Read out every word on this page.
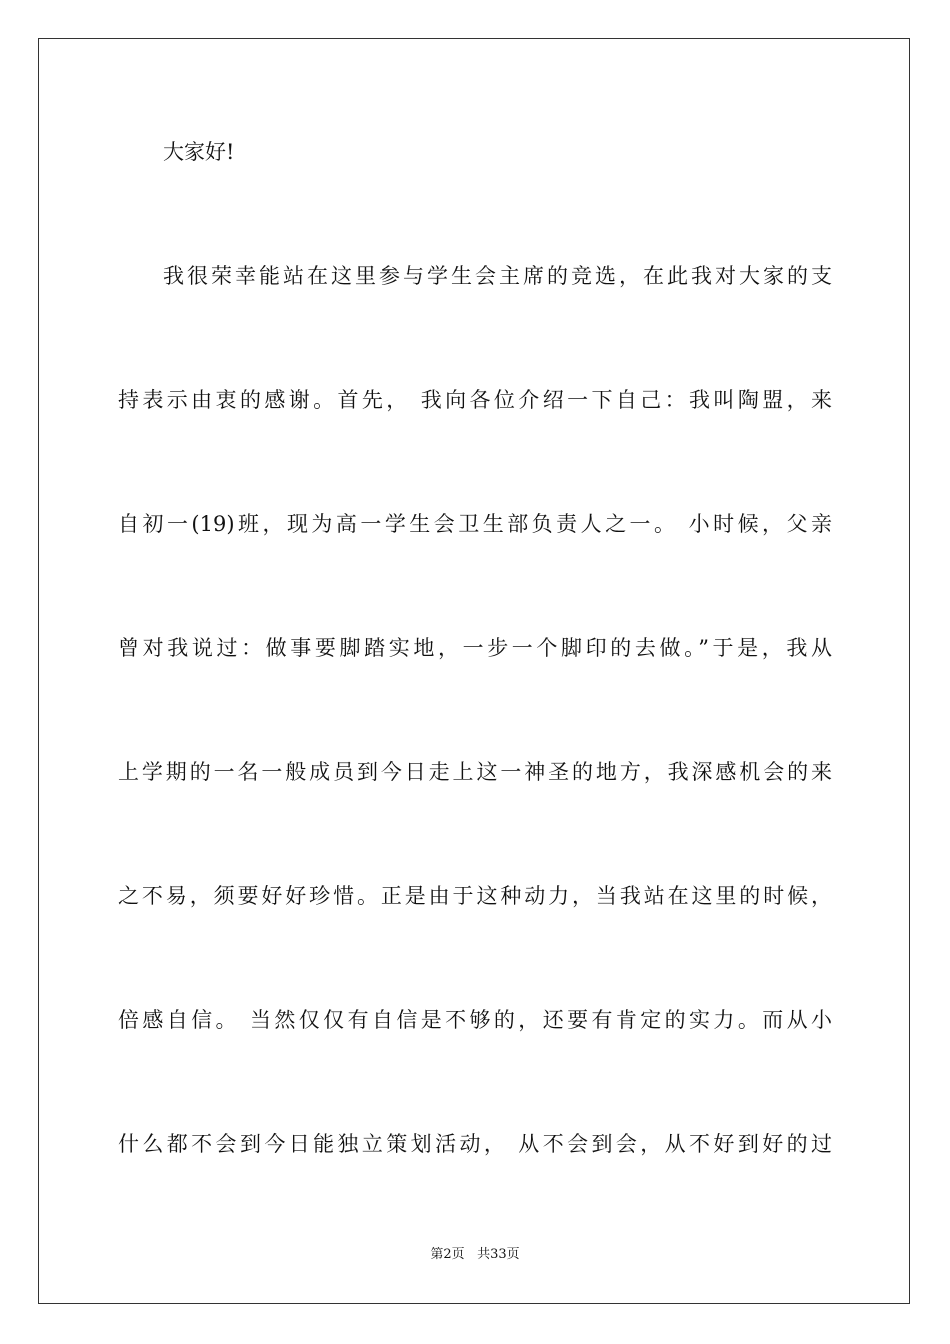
大家好!
我很荣幸能站在这里参与学生会主席的竞选，在此我对大家的支
持表示由衷的感谢。首先， 我向各位介绍一下自己：我叫陶盟，来
自初一(19)班，现为高一学生会卫生部负责人之一。 小时候，父亲
曾对我说过：做事要脚踏实地，一步一个脚印的去做。”于是，我从
上学期的一名一般成员到今日走上这一神圣的地方，我深感机会的来
之不易，须要好好珍惜。正是由于这种动力，当我站在这里的时候，
倍感自信。 当然仅仅有自信是不够的，还要有肯定的实力。而从小
什么都不会到今日能独立策划活动， 从不会到会，从不好到好的过
第2页 共33页
